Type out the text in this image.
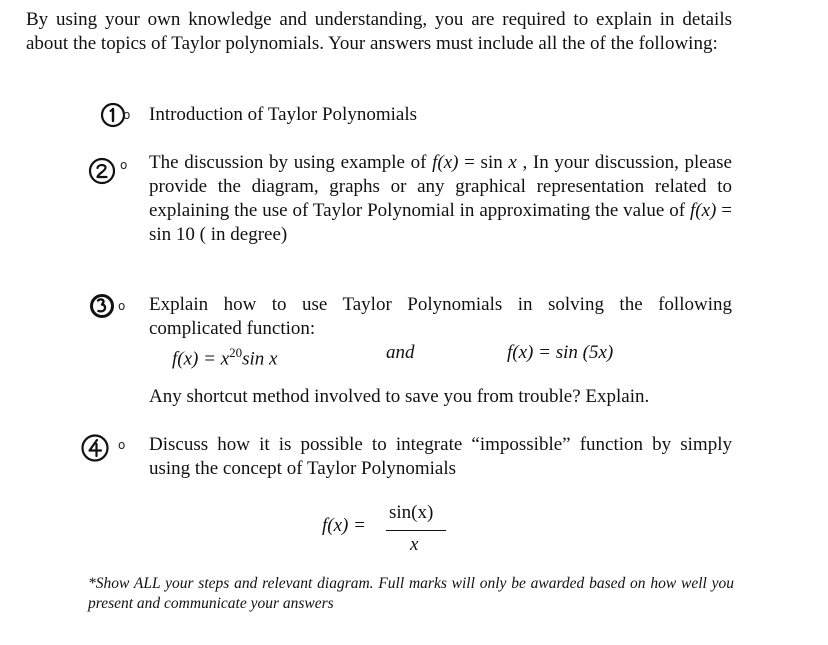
By using your own knowledge and understanding, you are required to explain in details about the topics of Taylor polynomials. Your answers must include all the of the following:
o Introduction of Taylor Polynomials
o The discussion by using example of f(x) = sin x , In your discussion, please provide the diagram, graphs or any graphical representation related to explaining the use of Taylor Polynomial in approximating the value of f(x) = sin 10 ( in degree)
o Explain how to use Taylor Polynomials in solving the following complicated function:
$f(x) = x^{20}\sin$ x	and	f(x) = sin (5x)
Any shortcut method involved to save you from trouble? Explain.
o Discuss how it is possible to integrate “impossible” function by simply using the concept of Taylor Polynomials
f(x) =
sin(x)
x
*Show ALL your steps and relevant diagram. Full marks will only be awarded based on how well you present and communicate your answers
